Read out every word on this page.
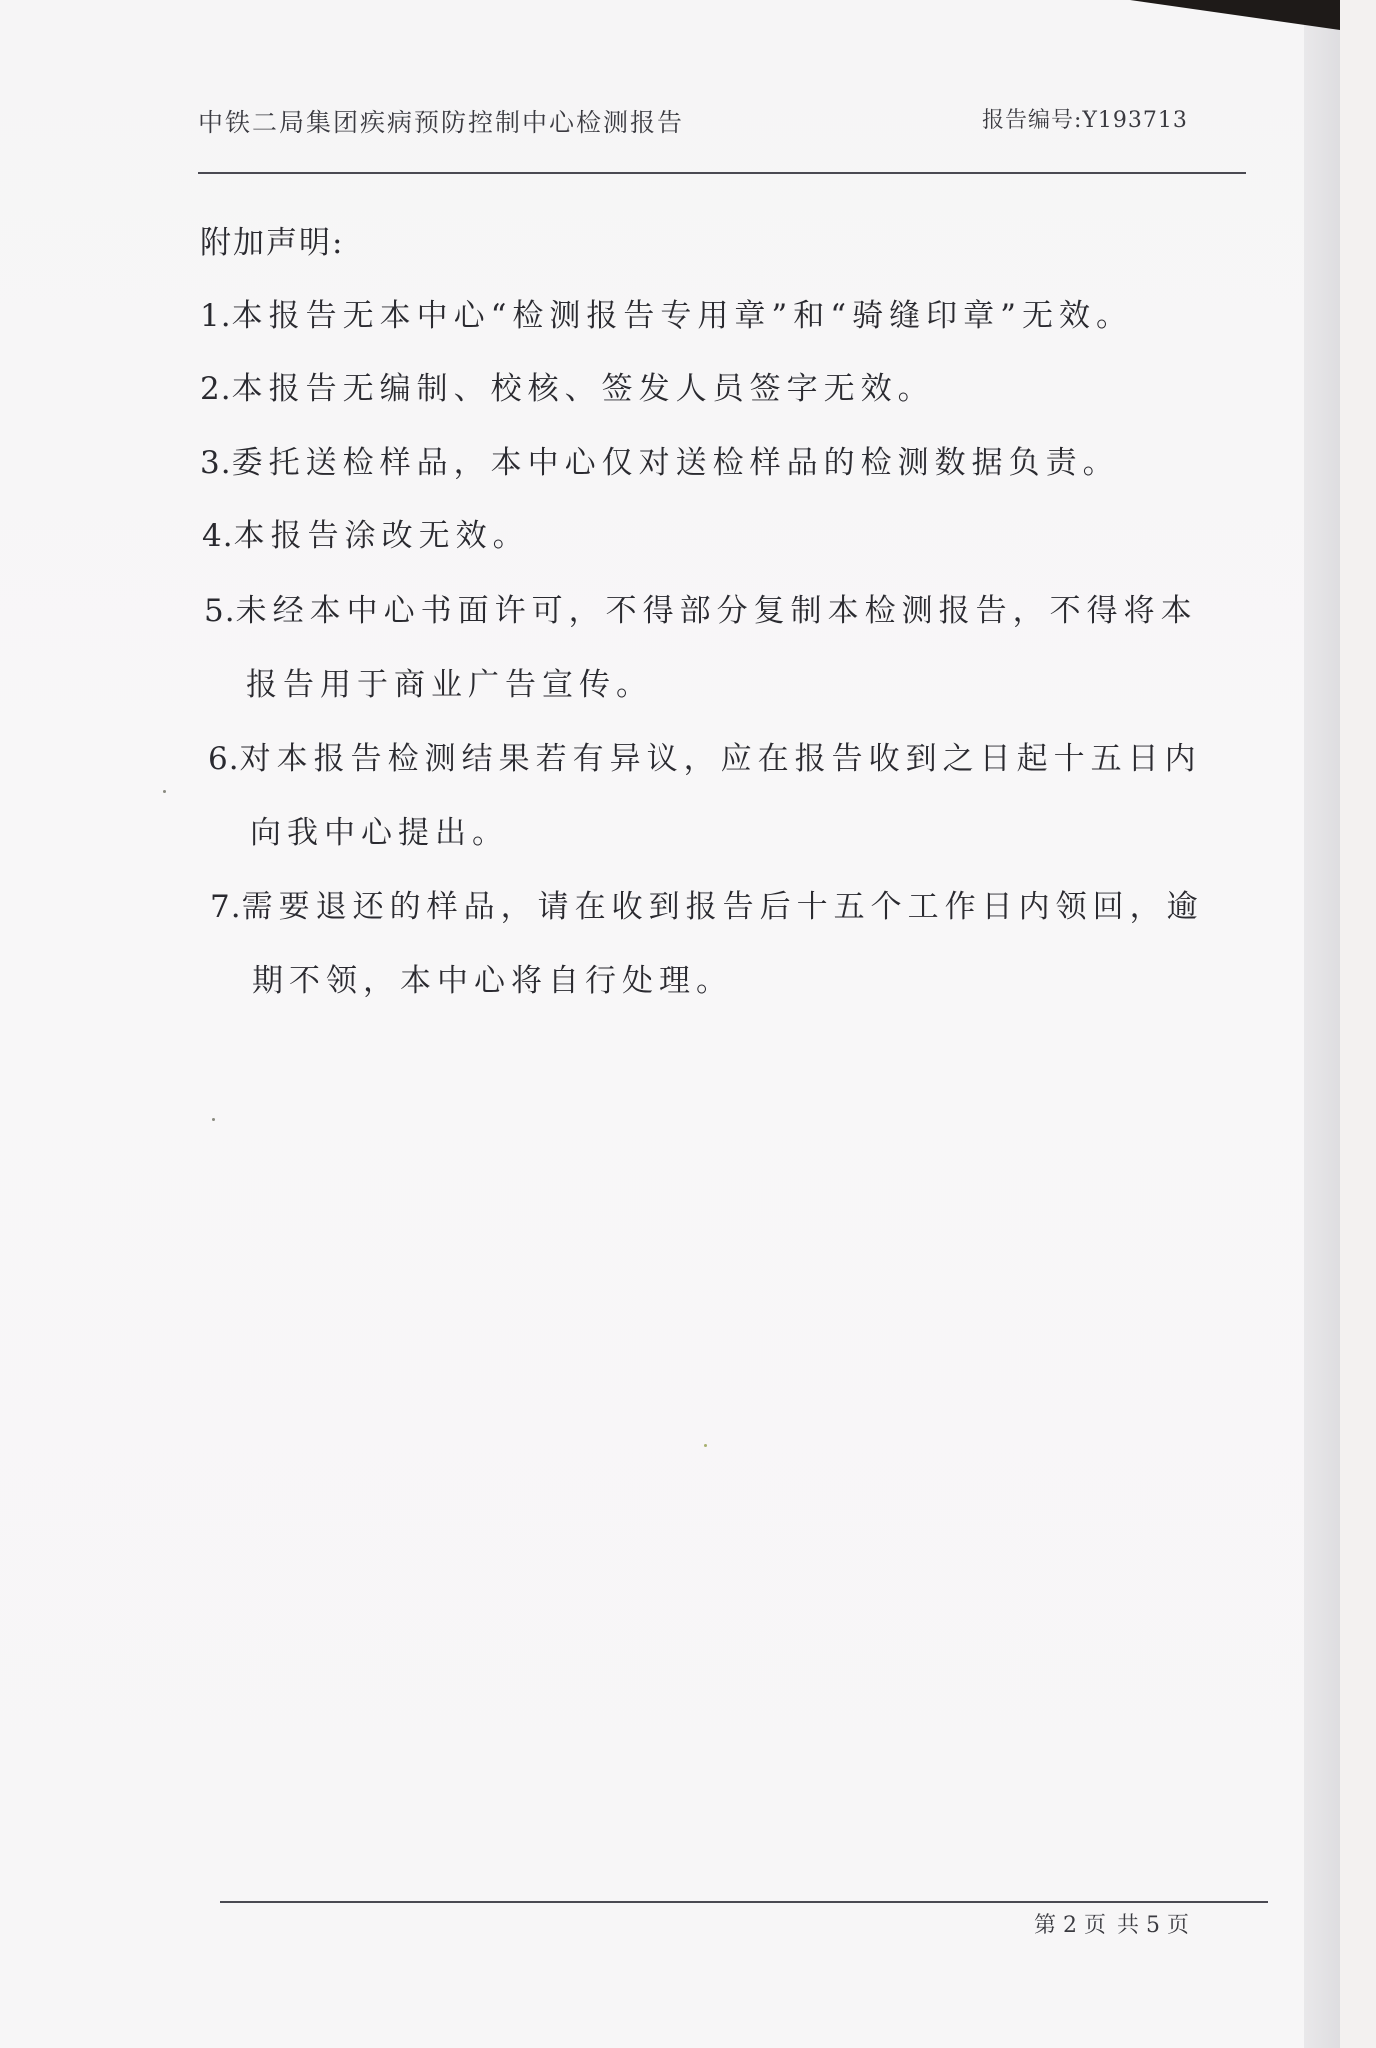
中铁二局集团疾病预防控制中心检测报告	报告编号:Y193713
附加声明:
1.本报告无本中心“检测报告专用章”和“骑缝印章”无效。
2.本报告无编制、校核、签发人员签字无效。
3.委托送检样品，本中心仅对送检样品的检测数据负责。
4.本报告涂改无效。
5.未经本中心书面许可，不得部分复制本检测报告，不得将本
报告用于商业广告宣传。
6.对本报告检测结果若有异议，应在报告收到之日起十五日内
向我中心提出。
7.需要退还的样品，请在收到报告后十五个工作日内领回，逾
期不领，本中心将自行处理。
第 2 页 共 5 页
